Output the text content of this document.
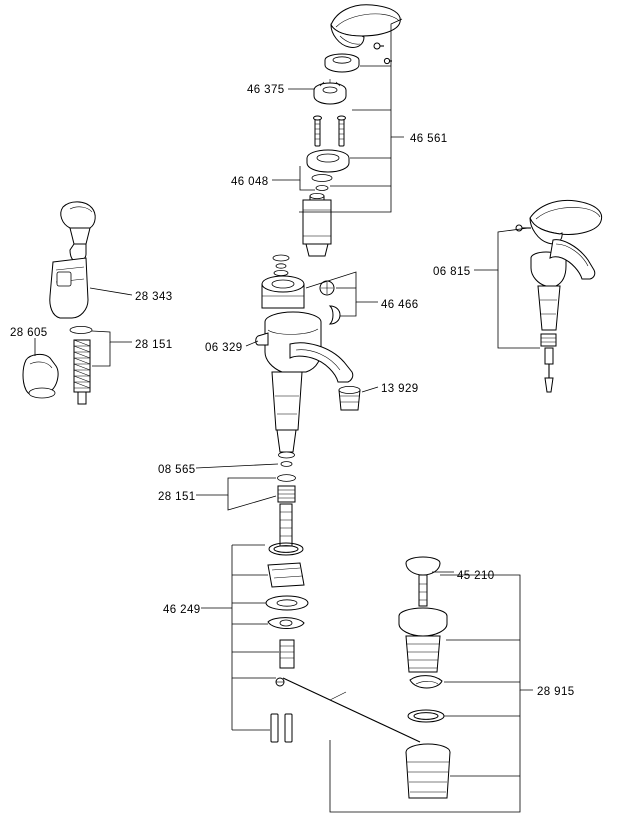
46 375
46 561
46 048
06 815
28 343
46 466
28 605
28 151	06 329
13 929
08 565
28 151
45 210
46 249
28 915
